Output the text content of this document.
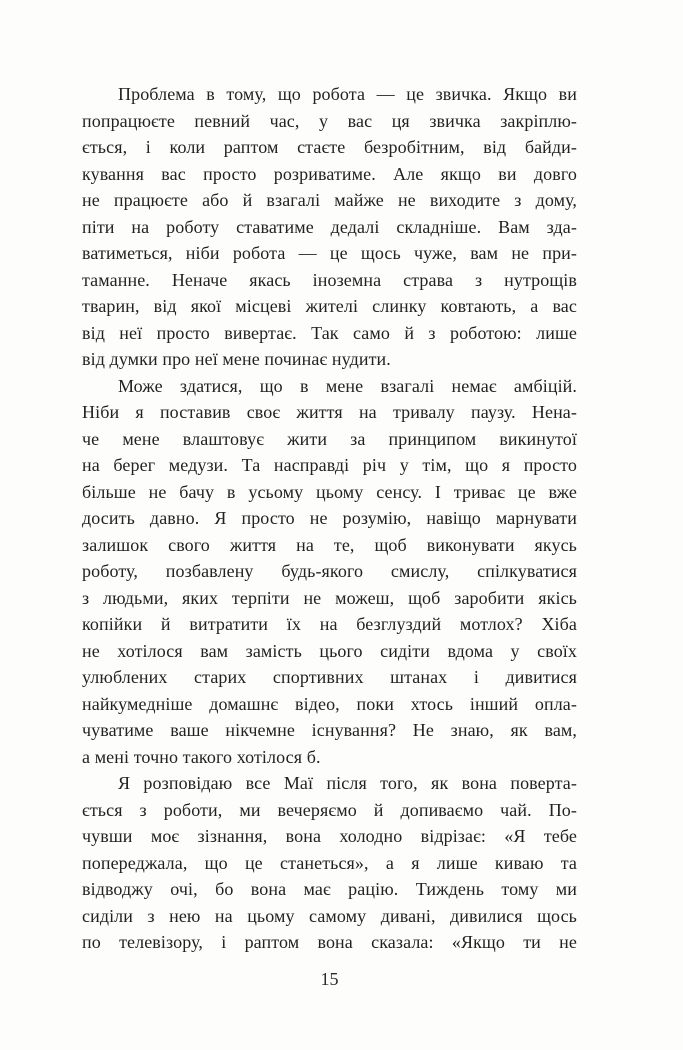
Проблема в тому, що робота — це звичка. Якщо ви
попрацюєте певний час, у вас ця звичка закріплю-
ється, і коли раптом стаєте безробітним, від байди-
кування вас просто розриватиме. Але якщо ви довго
не працюєте або й взагалі майже не виходите з дому,
піти на роботу ставатиме дедалі складніше. Вам зда-
ватиметься, ніби робота — це щось чуже, вам не при-
таманне. Неначе якась іноземна страва з нутрощів
тварин, від якої місцеві жителі слинку ковтають, а вас
від неї просто вивертає. Так само й з роботою: лише
від думки про неї мене починає нудити.
Може здатися, що в мене взагалі немає амбіцій.
Ніби я поставив своє життя на тривалу паузу. Нена-
че мене влаштовує жити за принципом викинутої
на берег медузи. Та насправді річ у тім, що я просто
більше не бачу в усьому цьому сенсу. І триває це вже
досить давно. Я просто не розумію, навіщо марнувати
залишок свого життя на те, щоб виконувати якусь
роботу, позбавлену будь-якого смислу, спілкуватися
з людьми, яких терпіти не можеш, щоб заробити якісь
копійки й витратити їх на безглуздий мотлох? Хіба
не хотілося вам замість цього сидіти вдома у своїх
улюблених старих спортивних штанах і дивитися
найкумедніше домашнє відео, поки хтось інший опла-
чуватиме ваше нікчемне існування? Не знаю, як вам,
а мені точно такого хотілося б.
Я розповідаю все Маї після того, як вона поверта-
ється з роботи, ми вечеряємо й допиваємо чай. По-
чувши моє зізнання, вона холодно відрізає: «Я тебе
попереджала, що це станеться», а я лише киваю та
відводжу очі, бо вона має рацію. Тиждень тому ми
сиділи з нею на цьому самому дивані, дивилися щось
по телевізору, і раптом вона сказала: «Якщо ти не
15
